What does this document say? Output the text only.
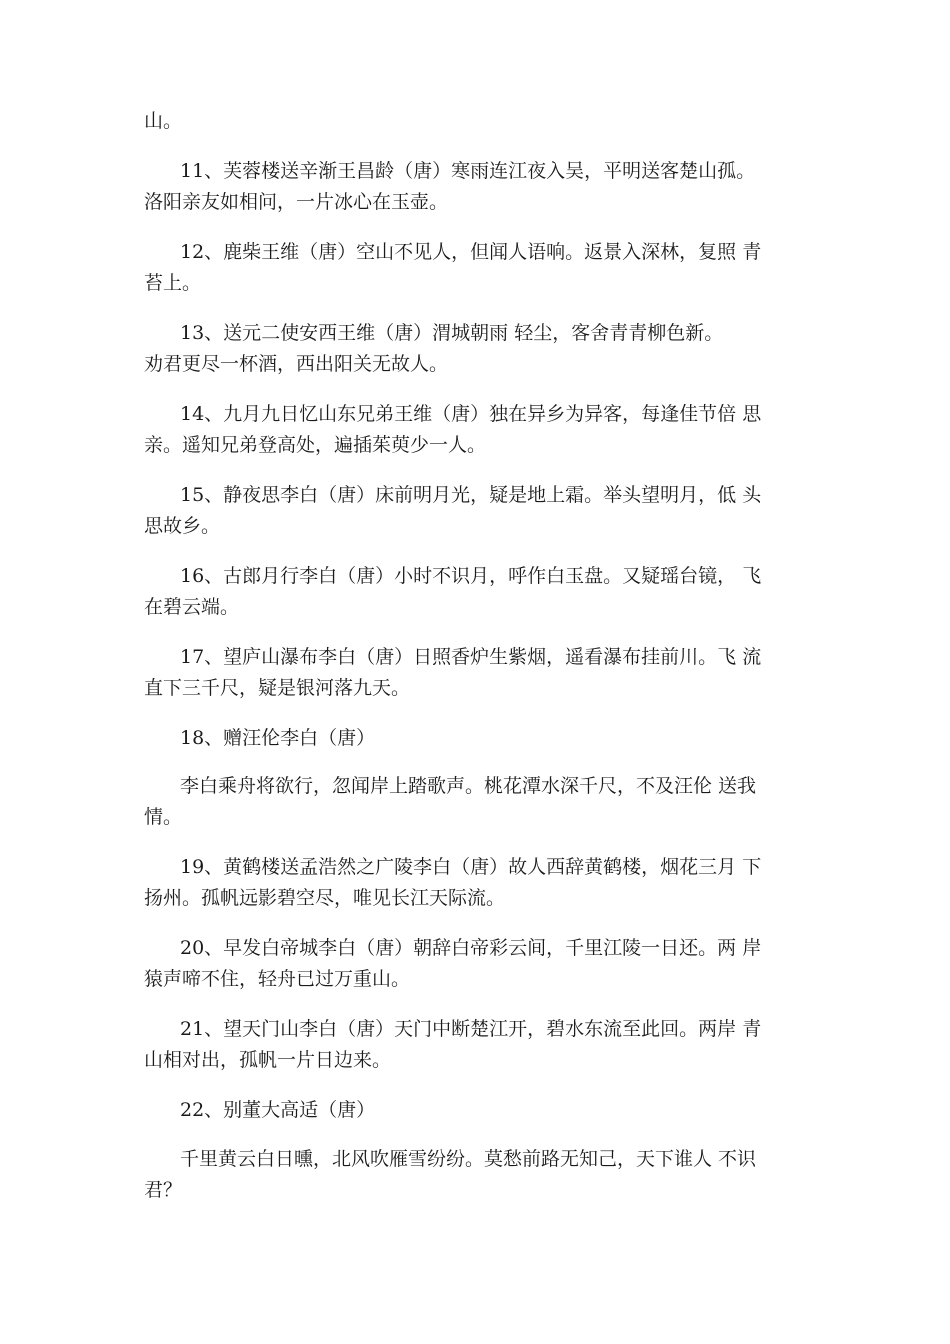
山。

11、芙蓉楼送辛渐王昌龄（唐）寒雨连江夜入吴，平明送客楚山孤。
洛阳亲友如相问，一片冰心在玉壶。

12、鹿柴王维（唐）空山不见人，但闻人语响。返景入深林，复照 青
苔上。

13、送元二使安西王维（唐）渭城朝雨 轻尘，客舍青青柳色新。
劝君更尽一杯酒，西出阳关无故人。

14、九月九日忆山东兄弟王维（唐）独在异乡为异客，每逢佳节倍 思
亲。遥知兄弟登高处，遍插茱萸少一人。

15、静夜思李白（唐）床前明月光，疑是地上霜。举头望明月，低 头
思故乡。

16、古郎月行李白（唐）小时不识月，呼作白玉盘。又疑瑶台镜， 飞
在碧云端。

17、望庐山瀑布李白（唐）日照香炉生紫烟，遥看瀑布挂前川。飞 流
直下三千尺，疑是银河落九天。

18、赠汪伦李白（唐）

李白乘舟将欲行，忽闻岸上踏歌声。桃花潭水深千尺，不及汪伦 送我
情。

19、黄鹤楼送孟浩然之广陵李白（唐）故人西辞黄鹤楼，烟花三月 下
扬州。孤帆远影碧空尽，唯见长江天际流。

20、早发白帝城李白（唐）朝辞白帝彩云间，千里江陵一日还。两 岸
猿声啼不住，轻舟已过万重山。

21、望天门山李白（唐）天门中断楚江开，碧水东流至此回。两岸 青
山相对出，孤帆一片日边来。

22、别董大高适（唐）

千里黄云白日曛，北风吹雁雪纷纷。莫愁前路无知己，天下谁人 不识
君？
